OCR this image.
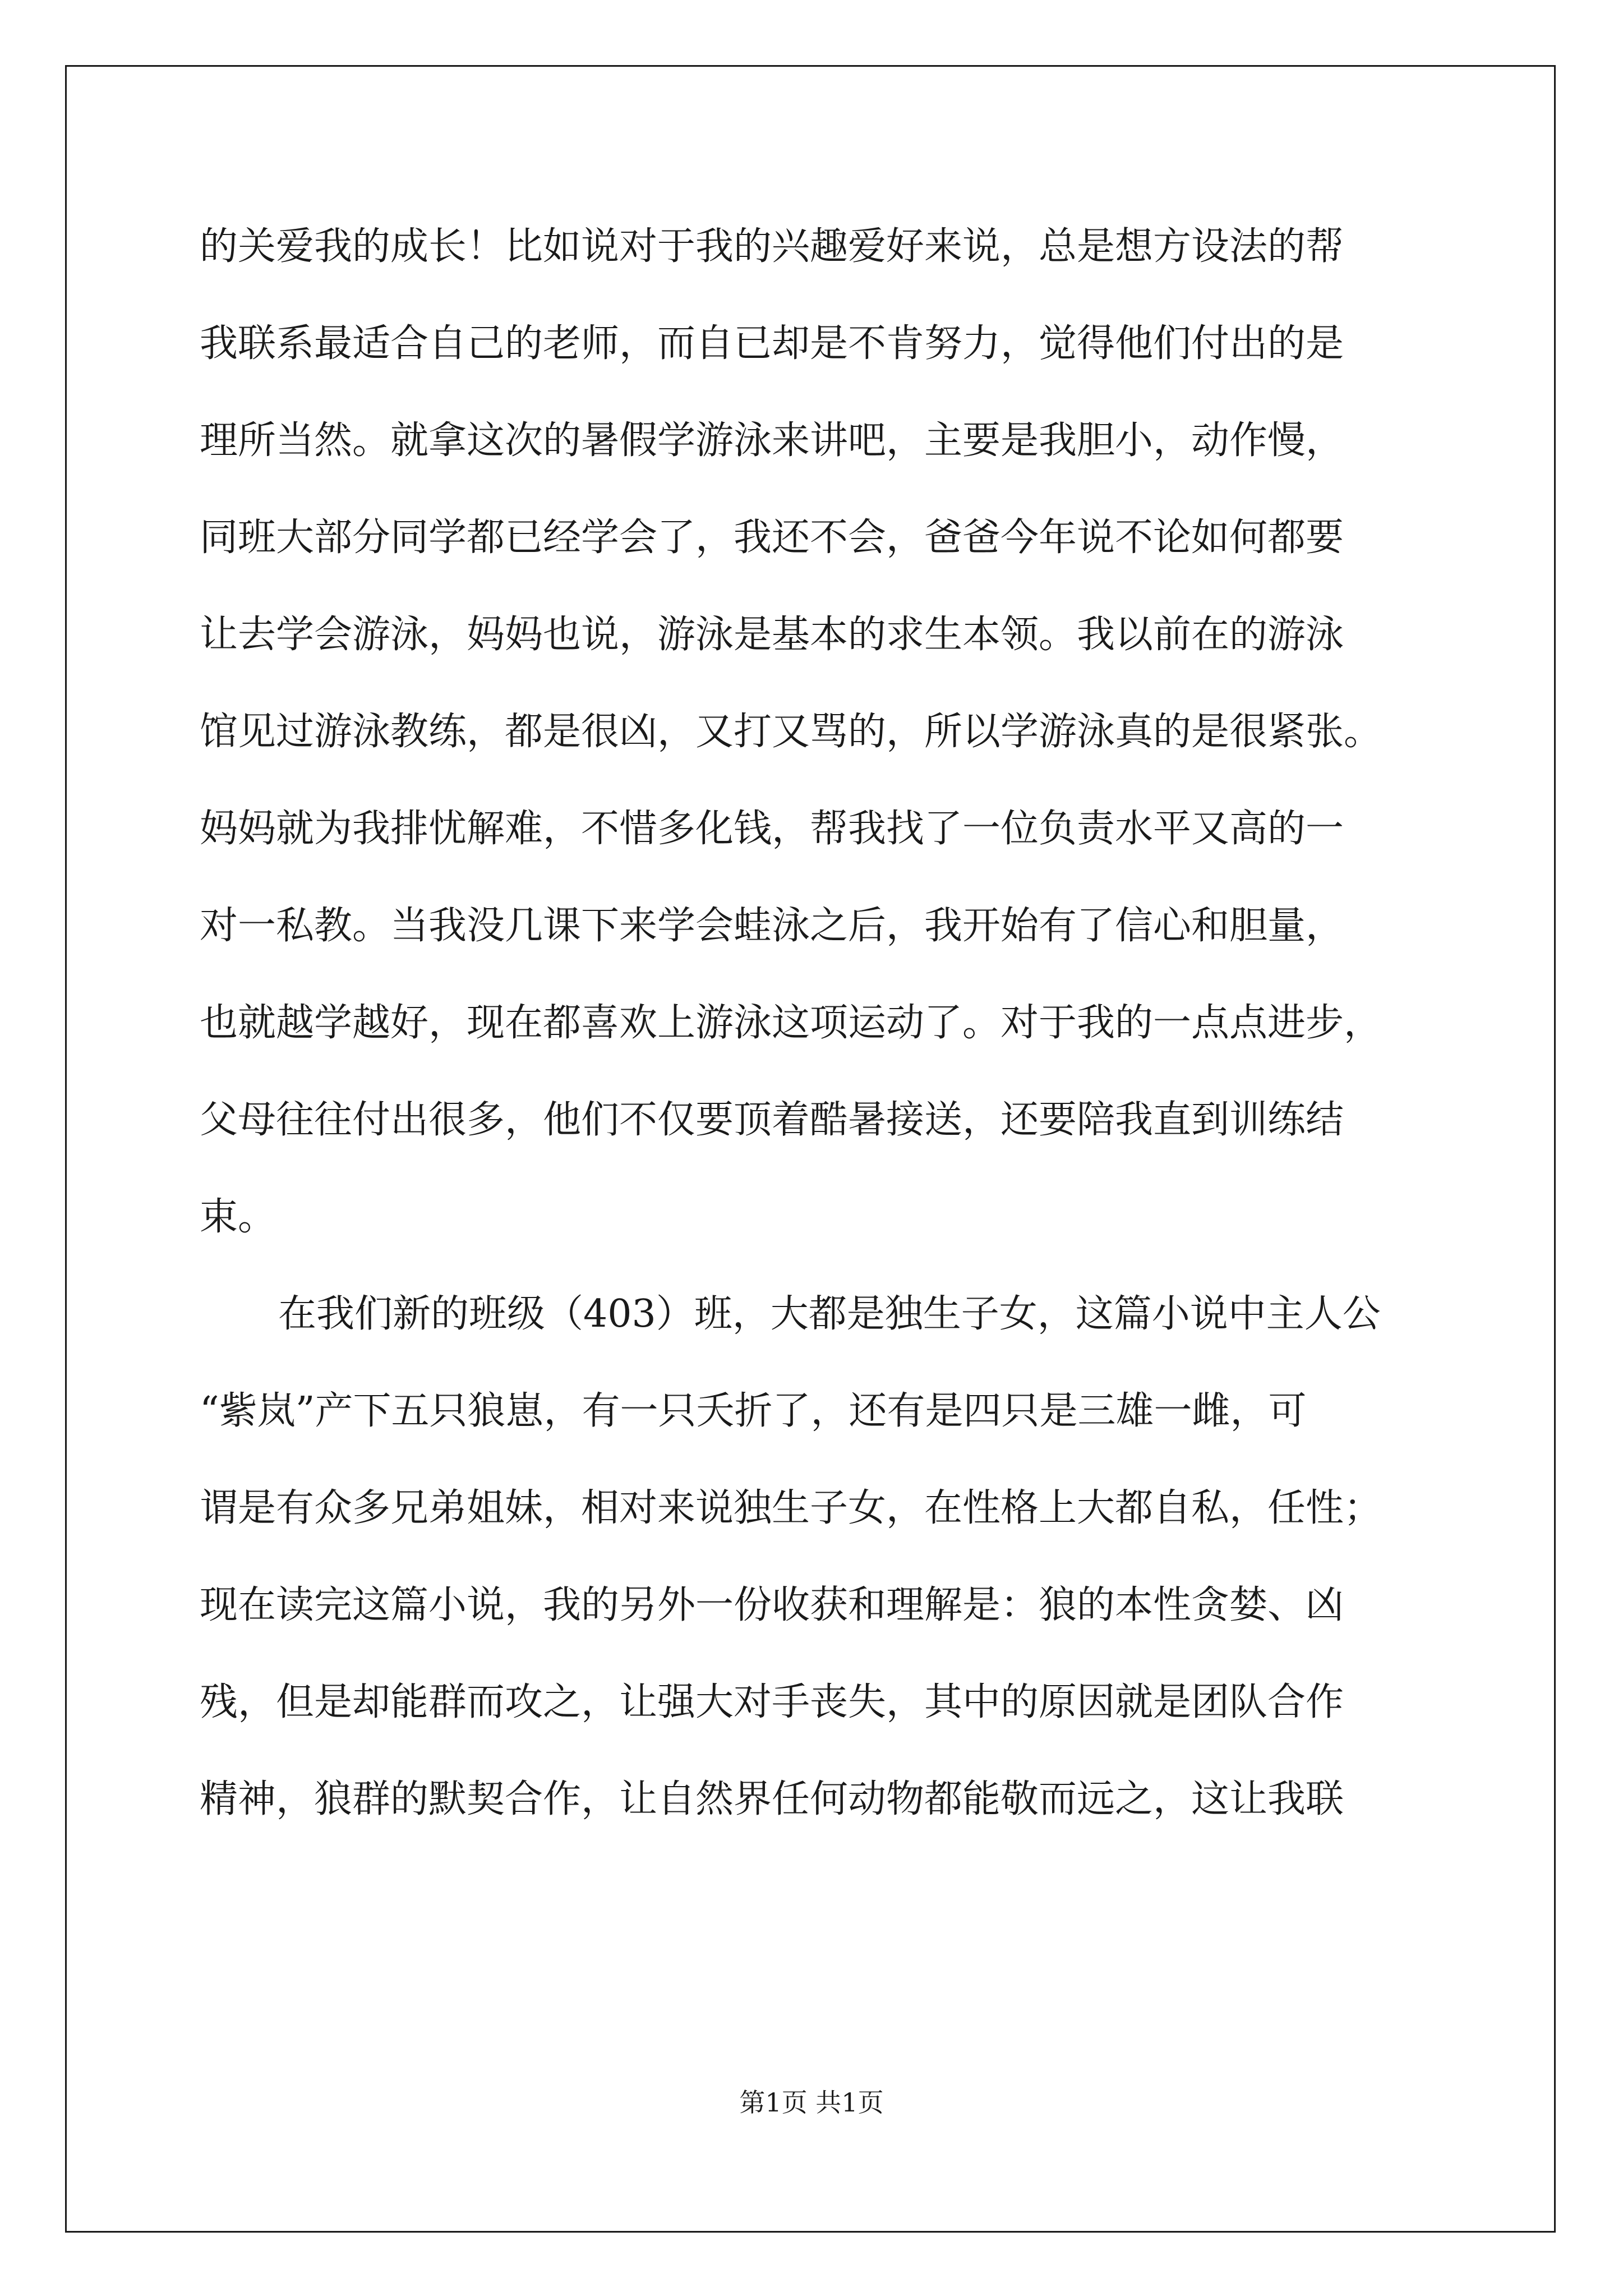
的关爱我的成长！比如说对于我的兴趣爱好来说，总是想方设法的帮
我联系最适合自己的老师，而自已却是不肯努力，觉得他们付出的是
理所当然。就拿这次的暑假学游泳来讲吧，主要是我胆小，动作慢，
同班大部分同学都已经学会了，我还不会，爸爸今年说不论如何都要
让去学会游泳，妈妈也说，游泳是基本的求生本领。我以前在的游泳
馆见过游泳教练，都是很凶，又打又骂的，所以学游泳真的是很紧张。
妈妈就为我排忧解难，不惜多化钱，帮我找了一位负责水平又高的一
对一私教。当我没几课下来学会蛙泳之后，我开始有了信心和胆量，
也就越学越好，现在都喜欢上游泳这项运动了。对于我的一点点进步，
父母往往付出很多，他们不仅要顶着酷暑接送，还要陪我直到训练结
束。
在我们新的班级（403）班，大都是独生子女，这篇小说中主人公
“紫岚”产下五只狼崽，有一只夭折了，还有是四只是三雄一雌，可
谓是有众多兄弟姐妹，相对来说独生子女，在性格上大都自私，任性；
现在读完这篇小说，我的另外一份收获和理解是：狼的本性贪婪、凶
残，但是却能群而攻之，让强大对手丧失，其中的原因就是团队合作
精神，狼群的默契合作，让自然界任何动物都能敬而远之，这让我联
第1页 共1页
